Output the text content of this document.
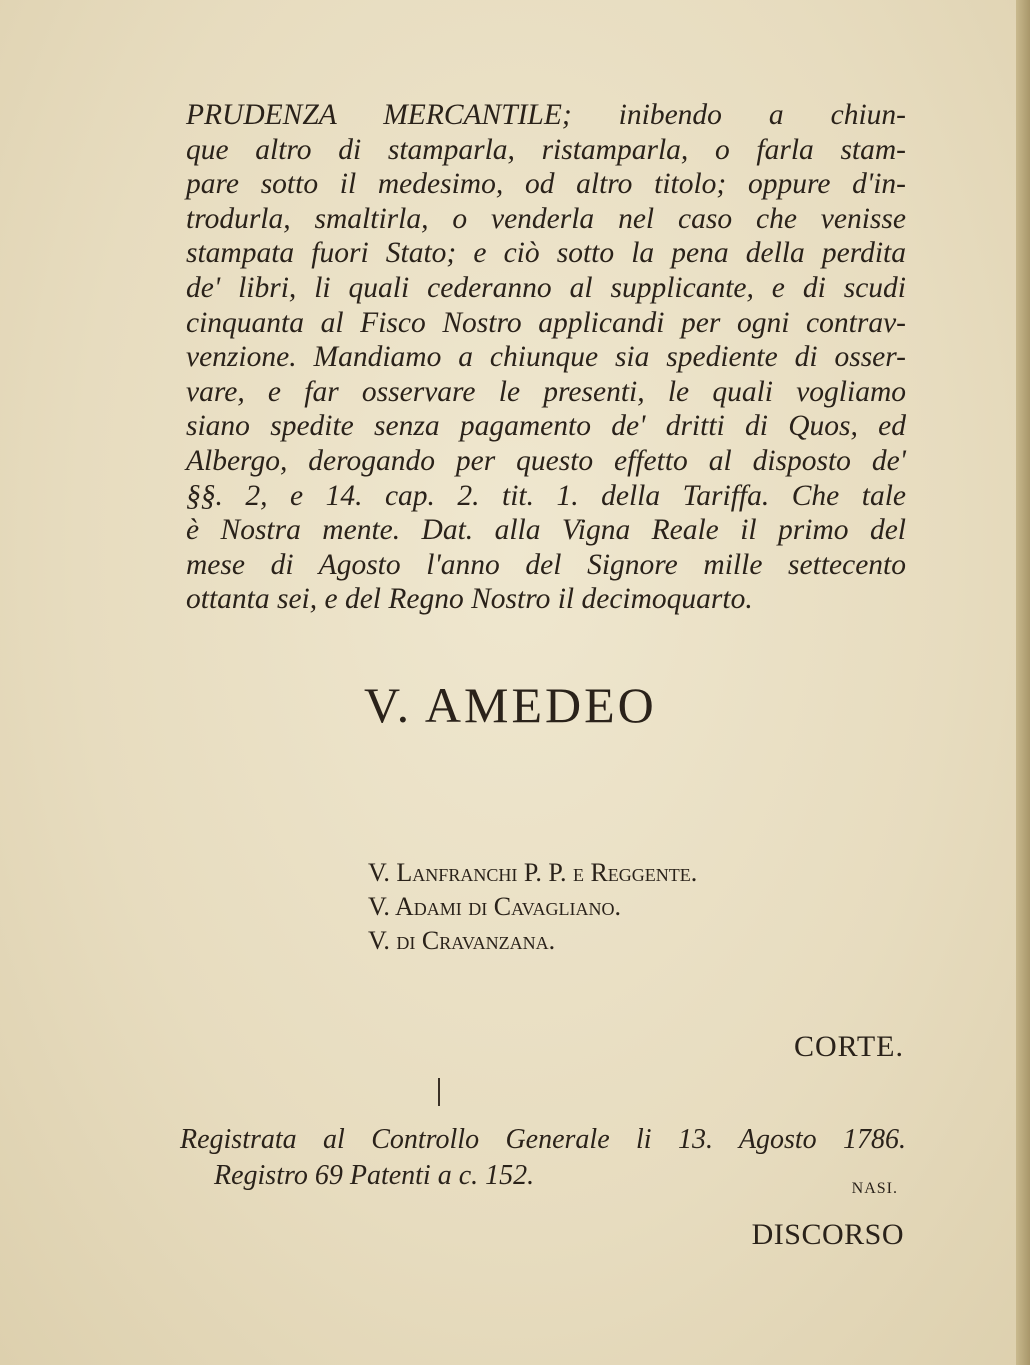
PRUDENZA MERCANTILE; inibendo a chiun-
que altro di stamparla, ristamparla, o farla stam-
pare sotto il medesimo, od altro titolo; oppure d'in-
trodurla, smaltirla, o venderla nel caso che venisse
stampata fuori Stato; e ciò sotto la pena della perdita
de' libri, li quali cederanno al supplicante, e di scudi
cinquanta al Fisco Nostro applicandi per ogni contrav-
venzione. Mandiamo a chiunque sia spediente di osser-
vare, e far osservare le presenti, le quali vogliamo
siano spedite senza pagamento de' dritti di Quos, ed
Albergo, derogando per questo effetto al disposto de'
§§. 2, e 14. cap. 2. tit. 1. della Tariffa. Che tale
è Nostra mente. Dat. alla Vigna Reale il primo del
mese di Agosto l'anno del Signore mille settecento
ottanta sei, e del Regno Nostro il decimoquarto.
V. AMEDEO
V. Lanfranchi P. P. e Reggente.
V. Adami di Cavagliano.
V. di Cravanzana.
CORTE.
Registrata al Controllo Generale li 13. Agosto 1786.
Registro 69 Patenti a c. 152.	NASI.
DISCORSO
